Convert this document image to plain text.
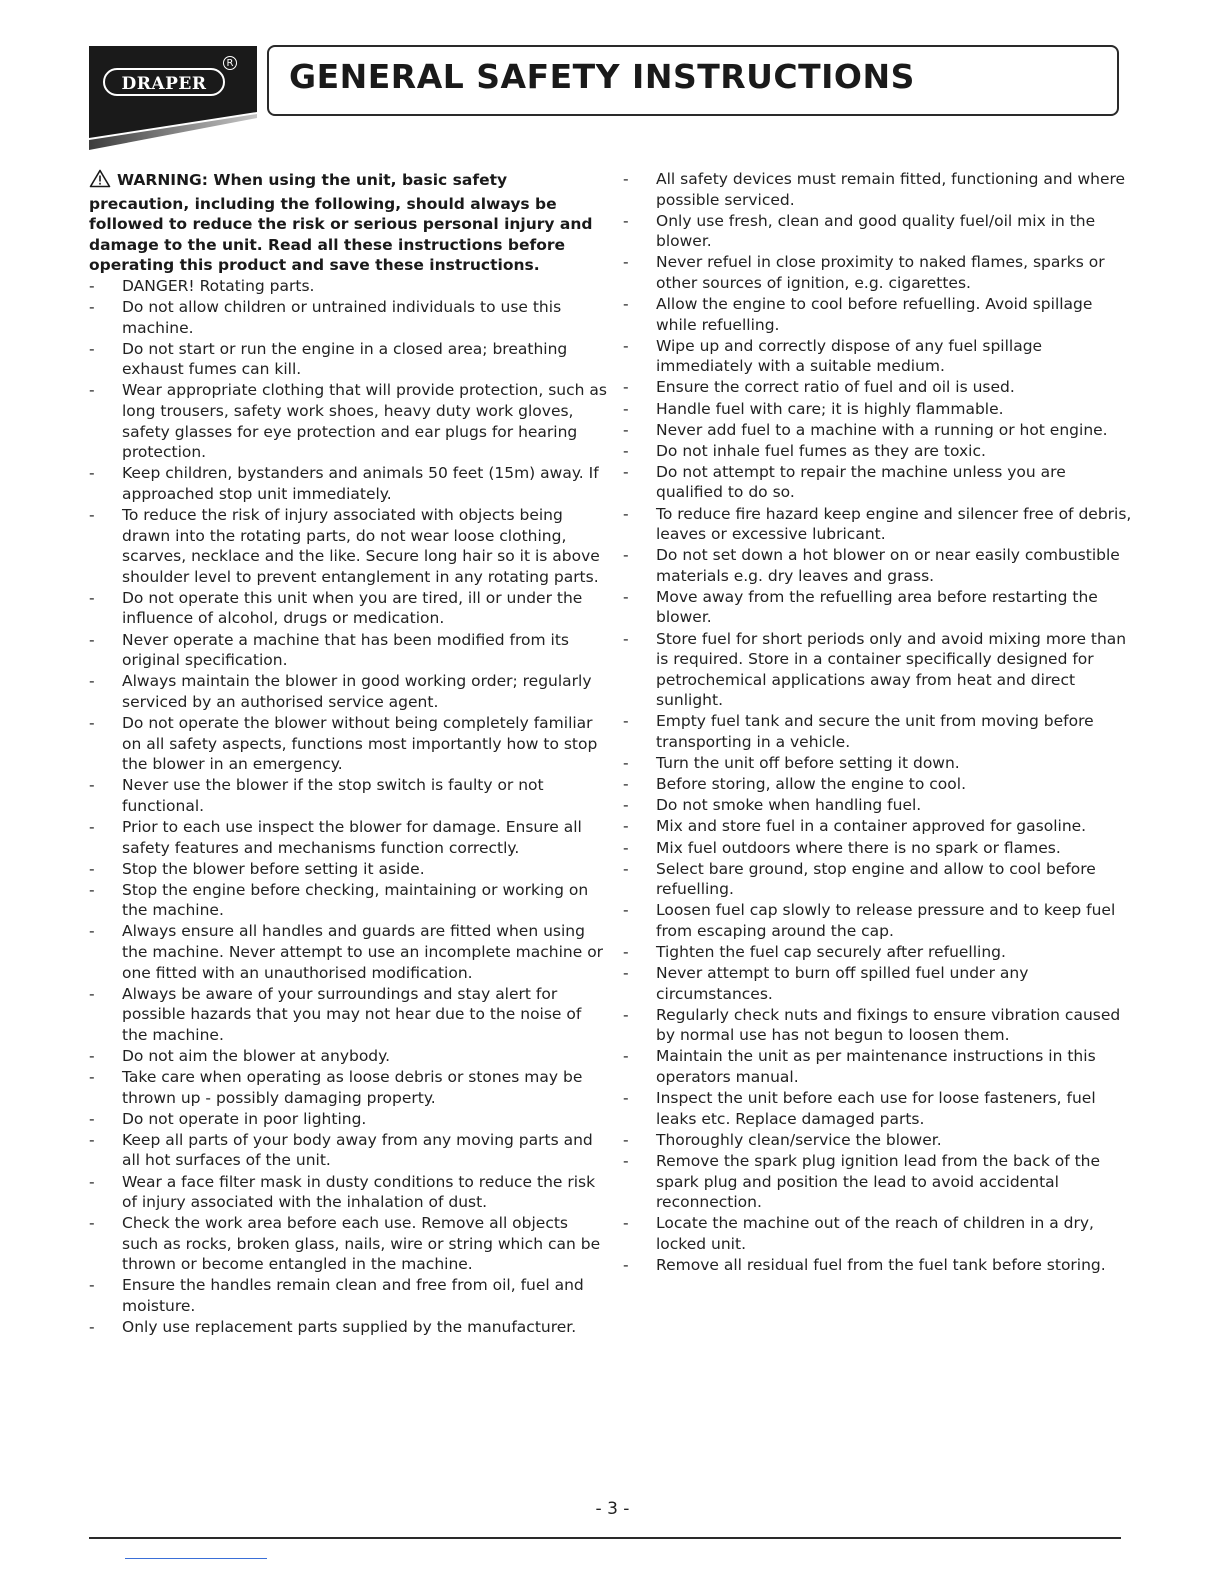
DRAPER
R GENERAL SAFETY INSTRUCTIONS
WARNING: When using the unit, basic safety precaution, including the following, should always be followed to reduce the risk or serious personal injury and damage to the unit. Read all these instructions before operating this product and save these instructions.
- DANGER! Rotating parts.
- Do not allow children or untrained individuals to use this machine.
- Do not start or run the engine in a closed area; breathing exhaust fumes can kill.
- Wear appropriate clothing that will provide protection, such as long trousers, safety work shoes, heavy duty work gloves, safety glasses for eye protection and ear plugs for hearing protection.
- Keep children, bystanders and animals 50 feet (15m) away. If approached stop unit immediately.
- To reduce the risk of injury associated with objects being drawn into the rotating parts, do not wear loose clothing, scarves, necklace and the like. Secure long hair so it is above shoulder level to prevent entanglement in any rotating parts.
- Do not operate this unit when you are tired, ill or under the influence of alcohol, drugs or medication.
- Never operate a machine that has been modified from its original specification.
- Always maintain the blower in good working order; regularly serviced by an authorised service agent.
- Do not operate the blower without being completely familiar on all safety aspects, functions most importantly how to stop the blower in an emergency.
- Never use the blower if the stop switch is faulty or not functional.
- Prior to each use inspect the blower for damage. Ensure all safety features and mechanisms function correctly.
- Stop the blower before setting it aside.
- Stop the engine before checking, maintaining or working on the machine.
- Always ensure all handles and guards are fitted when using the machine. Never attempt to use an incomplete machine or one fitted with an unauthorised modification.
- Always be aware of your surroundings and stay alert for possible hazards that you may not hear due to the noise of the machine.
- Do not aim the blower at anybody.
- Take care when operating as loose debris or stones may be thrown up - possibly damaging property.
- Do not operate in poor lighting.
- Keep all parts of your body away from any moving parts and all hot surfaces of the unit.
- Wear a face filter mask in dusty conditions to reduce the risk of injury associated with the inhalation of dust.
- Check the work area before each use. Remove all objects such as rocks, broken glass, nails, wire or string which can be thrown or become entangled in the machine.
- Ensure the handles remain clean and free from oil, fuel and moisture.
- Only use replacement parts supplied by the manufacturer.
- All safety devices must remain fitted, functioning and where possible serviced.
- Only use fresh, clean and good quality fuel/oil mix in the blower.
- Never refuel in close proximity to naked flames, sparks or other sources of ignition, e.g. cigarettes.
- Allow the engine to cool before refuelling. Avoid spillage while refuelling.
- Wipe up and correctly dispose of any fuel spillage immediately with a suitable medium.
- Ensure the correct ratio of fuel and oil is used.
- Handle fuel with care; it is highly flammable.
- Never add fuel to a machine with a running or hot engine.
- Do not inhale fuel fumes as they are toxic.
- Do not attempt to repair the machine unless you are qualified to do so.
- To reduce fire hazard keep engine and silencer free of debris, leaves or excessive lubricant.
- Do not set down a hot blower on or near easily combustible materials e.g. dry leaves and grass.
- Move away from the refuelling area before restarting the blower.
- Store fuel for short periods only and avoid mixing more than is required. Store in a container specifically designed for petrochemical applications away from heat and direct sunlight.
- Empty fuel tank and secure the unit from moving before transporting in a vehicle.
- Turn the unit off before setting it down.
- Before storing, allow the engine to cool.
- Do not smoke when handling fuel.
- Mix and store fuel in a container approved for gasoline.
- Mix fuel outdoors where there is no spark or flames.
- Select bare ground, stop engine and allow to cool before refuelling.
- Loosen fuel cap slowly to release pressure and to keep fuel from escaping around the cap.
- Tighten the fuel cap securely after refuelling.
- Never attempt to burn off spilled fuel under any circumstances.
- Regularly check nuts and fixings to ensure vibration caused by normal use has not begun to loosen them.
- Maintain the unit as per maintenance instructions in this operators manual.
- Inspect the unit before each use for loose fasteners, fuel leaks etc. Replace damaged parts.
- Thoroughly clean/service the blower.
- Remove the spark plug ignition lead from the back of the spark plug and position the lead to avoid accidental reconnection.
- Locate the machine out of the reach of children in a dry, locked unit.
- Remove all residual fuel from the fuel tank before storing.
- 3 -
